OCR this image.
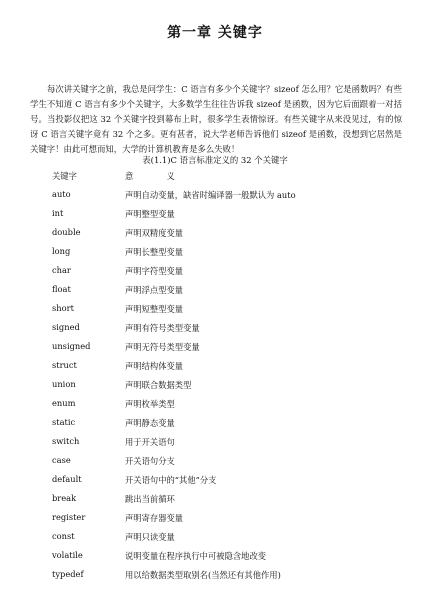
第一章 关键字
每次讲关键字之前，我总是问学生：C 语言有多少个关键字？sizeof 怎么用？它是函数吗？有些学生不知道 C 语言有多少个关键字，大多数学生往往告诉我 sizeof 是函数，因为它后面跟着一对括号。当投影仪把这 32 个关键字投到幕布上时，很多学生表情惊讶。有些关键字从来没见过，有的惊讶 C 语言关键字竟有 32 个之多。更有甚者，说大学老师告诉他们 sizeof 是函数，没想到它居然是关键字！由此可想而知，大学的计算机教育是多么失败！
表(1.1)C 语言标准定义的 32 个关键字
关键字	意　　　　义
auto	声明自动变量，缺省时编译器一般默认为 auto
int	声明整型变量
double	声明双精度变量
long	声明长整型变量
char	声明字符型变量
float	声明浮点型变量
short	声明短整型变量
signed	声明有符号类型变量
unsigned	声明无符号类型变量
struct	声明结构体变量
union	声明联合数据类型
enum	声明枚举类型
static	声明静态变量
switch	用于开关语句
case	开关语句分支
default	开关语句中的“其他”分支
break	跳出当前循环
register	声明寄存器变量
const	声明只读变量
volatile	说明变量在程序执行中可被隐含地改变
typedef	用以给数据类型取别名(当然还有其他作用)
